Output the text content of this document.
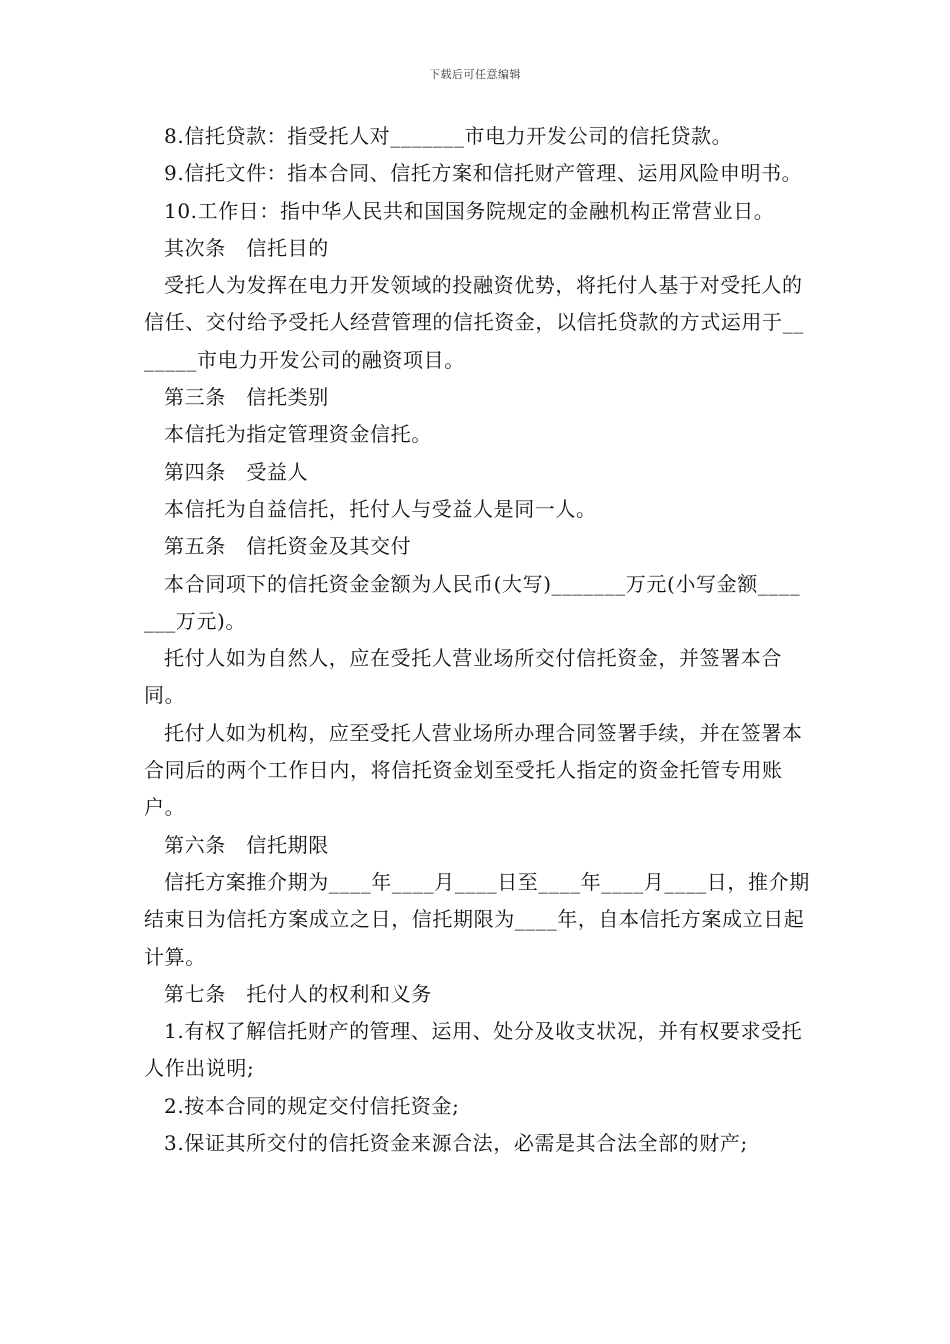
下载后可任意编辑

8.信托贷款：指受托人对_______市电力开发公司的信托贷款。

9.信托文件：指本合同、信托方案和信托财产管理、运用风险申明书。

10.工作日：指中华人民共和国国务院规定的金融机构正常营业日。

其次条　信托目的

受托人为发挥在电力开发领域的投融资优势，将托付人基于对受托人的信任、交付给予受托人经营管理的信托资金，以信托贷款的方式运用于_______市电力开发公司的融资项目。

第三条　信托类别

本信托为指定管理资金信托。

第四条　受益人

本信托为自益信托，托付人与受益人是同一人。

第五条　信托资金及其交付

本合同项下的信托资金金额为人民币(大写)_______万元(小写金额_______万元)。

托付人如为自然人，应在受托人营业场所交付信托资金，并签署本合同。

托付人如为机构，应至受托人营业场所办理合同签署手续，并在签署本合同后的两个工作日内，将信托资金划至受托人指定的资金托管专用账户。

第六条　信托期限

信托方案推介期为____年____月____日至____年____月____日，推介期结束日为信托方案成立之日，信托期限为____年，自本信托方案成立日起计算。

第七条　托付人的权利和义务

1.有权了解信托财产的管理、运用、处分及收支状况，并有权要求受托人作出说明;

2.按本合同的规定交付信托资金;

3.保证其所交付的信托资金来源合法，必需是其合法全部的财产;
